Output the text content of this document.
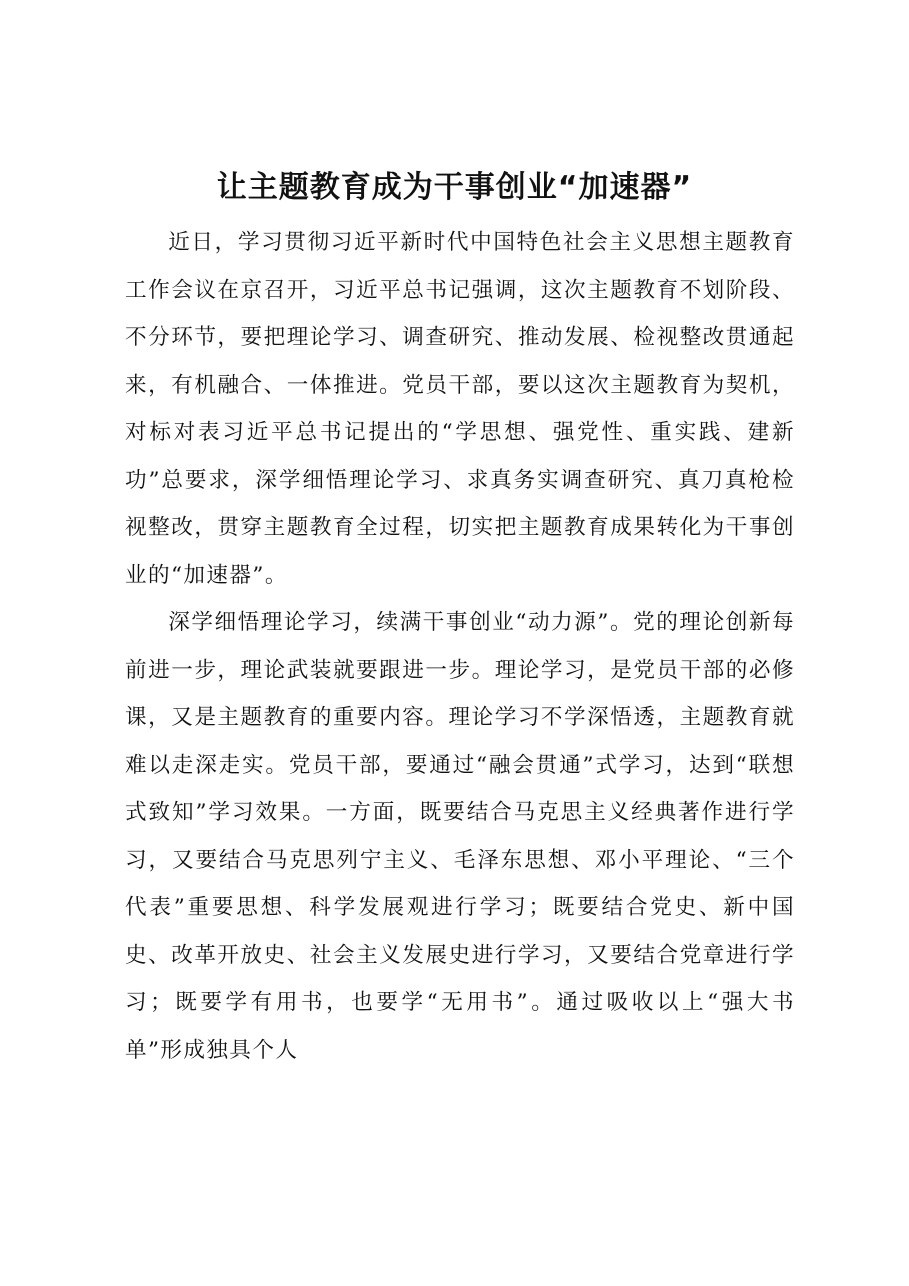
让主题教育成为干事创业“加速器”

近日，学习贯彻习近平新时代中国特色社会主义思想主题教育工作会议在京召开，习近平总书记强调，这次主题教育不划阶段、不分环节，要把理论学习、调查研究、推动发展、检视整改贯通起来，有机融合、一体推进。党员干部，要以这次主题教育为契机，对标对表习近平总书记提出的“学思想、强党性、重实践、建新功”总要求，深学细悟理论学习、求真务实调查研究、真刀真枪检视整改，贯穿主题教育全过程，切实把主题教育成果转化为干事创业的“加速器”。

深学细悟理论学习，续满干事创业“动力源”。党的理论创新每前进一步，理论武装就要跟进一步。理论学习，是党员干部的必修课，又是主题教育的重要内容。理论学习不学深悟透，主题教育就难以走深走实。党员干部，要通过“融会贯通”式学习，达到“联想式致知”学习效果。一方面，既要结合马克思主义经典著作进行学习，又要结合马克思列宁主义、毛泽东思想、邓小平理论、“三个代表”重要思想、科学发展观进行学习；既要结合党史、新中国史、改革开放史、社会主义发展史进行学习，又要结合党章进行学习；既要学有用书，也要学“无用书”。通过吸收以上“强大书单”形成独具个人
